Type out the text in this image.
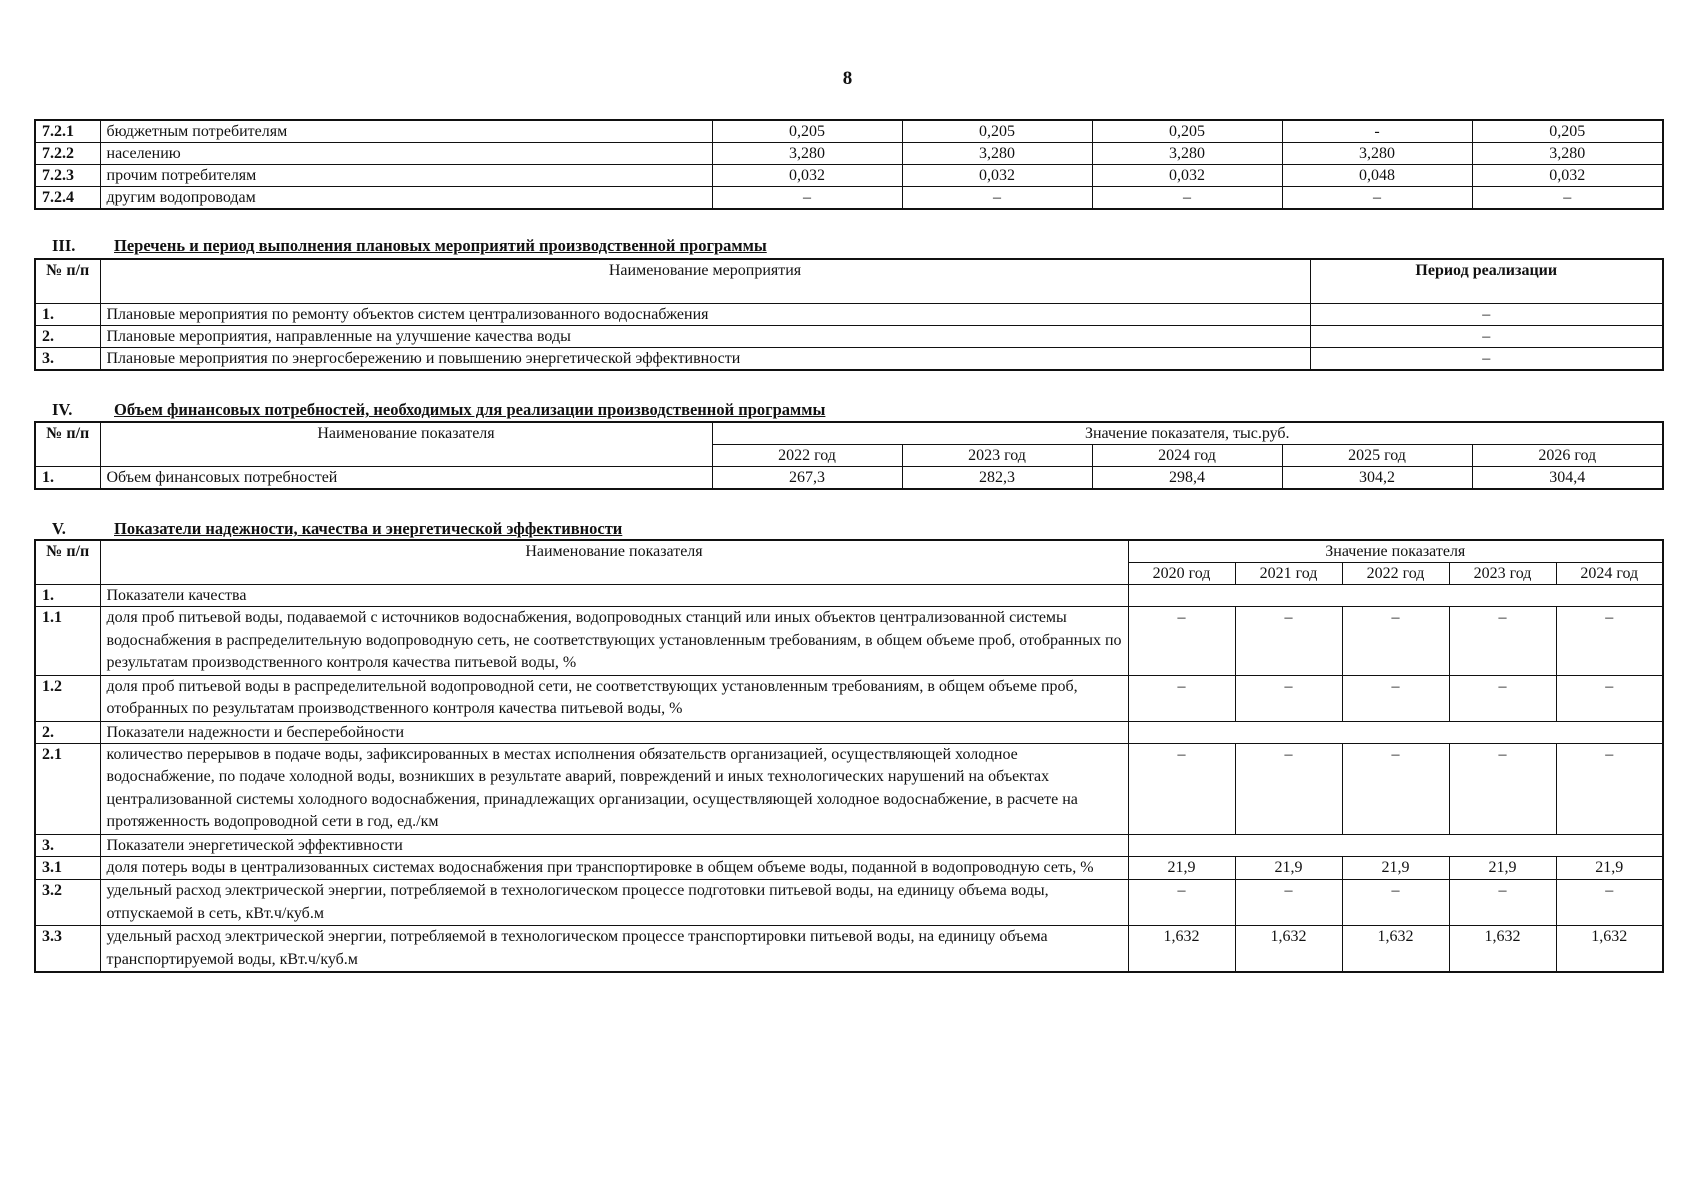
8
7.2.1	бюджетным потребителям	0,205	0,205	0,205	-	0,205
7.2.2	населению	3,280	3,280	3,280	3,280	3,280
7.2.3	прочим потребителям	0,032	0,032	0,032	0,048	0,032
7.2.4	другим водопроводам	–	–	–	–	–
III. Перечень и период выполнения плановых мероприятий производственной программы
№ п/п	Наименование мероприятия	Период реализации
1.	Плановые мероприятия по ремонту объектов систем централизованного водоснабжения	–
2.	Плановые мероприятия, направленные на улучшение качества воды	–
3.	Плановые мероприятия по энергосбережению и повышению энергетической эффективности	–
IV.	Объем финансовых потребностей, необходимых для реализации производственной программы
№ п/п	Наименование показателя	Значение показателя, тыс.руб.				
		2022 год	2023 год	2024 год	2025 год	2026 год
1.	Объем финансовых потребностей	267,3	282,3	298,4	304,2	304,4
V.	Показатели надежности, качества и энергетической эффективности
№ п/п	Наименование показателя	Значение показателя				
		2020 год	2021 год	2022 год	2023 год	2024 год
1.	Показатели качества					
1.1	доля проб питьевой воды, подаваемой с источников водоснабжения, водопроводных станций или иных объектов централизованной системы водоснабжения в распределительную водопроводную сеть, не соответствующих установленным требованиям, в общем объеме проб, отобранных по результатам производственного контроля качества питьевой воды, %	–	–	–	–	–
1.2	доля проб питьевой воды в распределительной водопроводной сети, не соответствующих установленным требованиям, в общем объеме проб, отобранных по результатам производственного контроля качества питьевой воды, %	–	–	–	–	–
2.	Показатели надежности и бесперебойности					
2.1	количество перерывов в подаче воды, зафиксированных в местах исполнения обязательств организацией, осуществляющей холодное водоснабжение, по подаче холодной воды, возникших в результате аварий, повреждений и иных технологических нарушений на объектах централизованной системы холодного водоснабжения, принадлежащих организации, осуществляющей холодное водоснабжение, в расчете на протяженность водопроводной сети в год, ед./км	–	–	–	–	–
3.	Показатели энергетической эффективности					
3.1	доля потерь воды в централизованных системах водоснабжения при транспортировке в общем объеме воды, поданной в водопроводную сеть, %	21,9	21,9	21,9	21,9	21,9
3.2	удельный расход электрической энергии, потребляемой в технологическом процессе подготовки питьевой воды, на единицу объема воды, отпускаемой в сеть, кВт.ч/куб.м	–	–	–	–	–
3.3	удельный расход электрической энергии, потребляемой в технологическом процессе транспортировки питьевой воды, на единицу объема транспортируемой воды, кВт.ч/куб.м	1,632	1,632	1,632	1,632	1,632
